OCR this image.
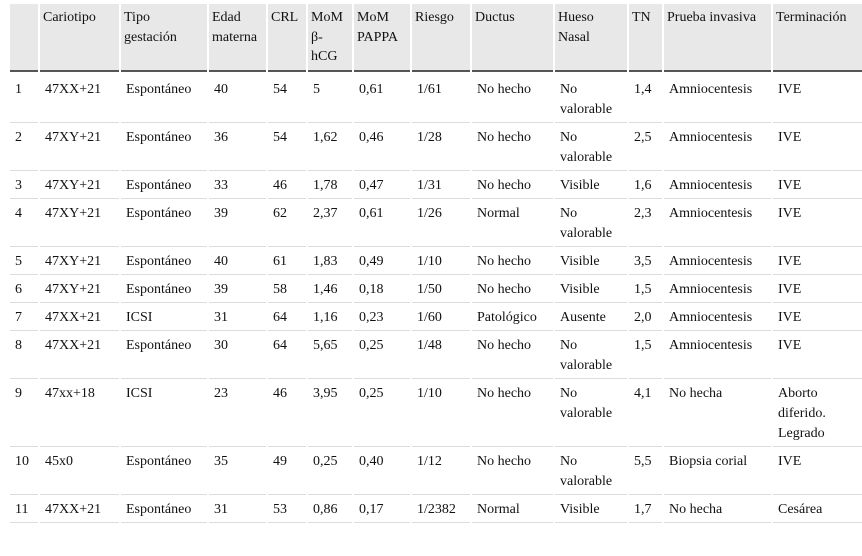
	Cariotipo	Tipo gestación	Edad materna	CRL	MoM β-hCG	MoM PAPPA	Riesgo	Ductus	Hueso Nasal	TN	Prueba invasiva	Terminación
1	47XX+21	Espontáneo	40	54	5	0,61	1/61	No hecho	No valorable	1,4	Amniocentesis	IVE
2	47XY+21	Espontáneo	36	54	1,62	0,46	1/28	No hecho	No valorable	2,5	Amniocentesis	IVE
3	47XY+21	Espontáneo	33	46	1,78	0,47	1/31	No hecho	Visible	1,6	Amniocentesis	IVE
4	47XY+21	Espontáneo	39	62	2,37	0,61	1/26	Normal	No valorable	2,3	Amniocentesis	IVE
5	47XY+21	Espontáneo	40	61	1,83	0,49	1/10	No hecho	Visible	3,5	Amniocentesis	IVE
6	47XY+21	Espontáneo	39	58	1,46	0,18	1/50	No hecho	Visible	1,5	Amniocentesis	IVE
7	47XX+21	ICSI	31	64	1,16	0,23	1/60	Patológico	Ausente	2,0	Amniocentesis	IVE
8	47XX+21	Espontáneo	30	64	5,65	0,25	1/48	No hecho	No valorable	1,5	Amniocentesis	IVE
9	47xx+18	ICSI	23	46	3,95	0,25	1/10	No hecho	No valorable	4,1	No hecha	Aborto diferido. Legrado
10	45x0	Espontáneo	35	49	0,25	0,40	1/12	No hecho	No valorable	5,5	Biopsia corial	IVE
11	47XX+21	Espontáneo	31	53	0,86	0,17	1/2382	Normal	Visible	1,7	No hecha	Cesárea
